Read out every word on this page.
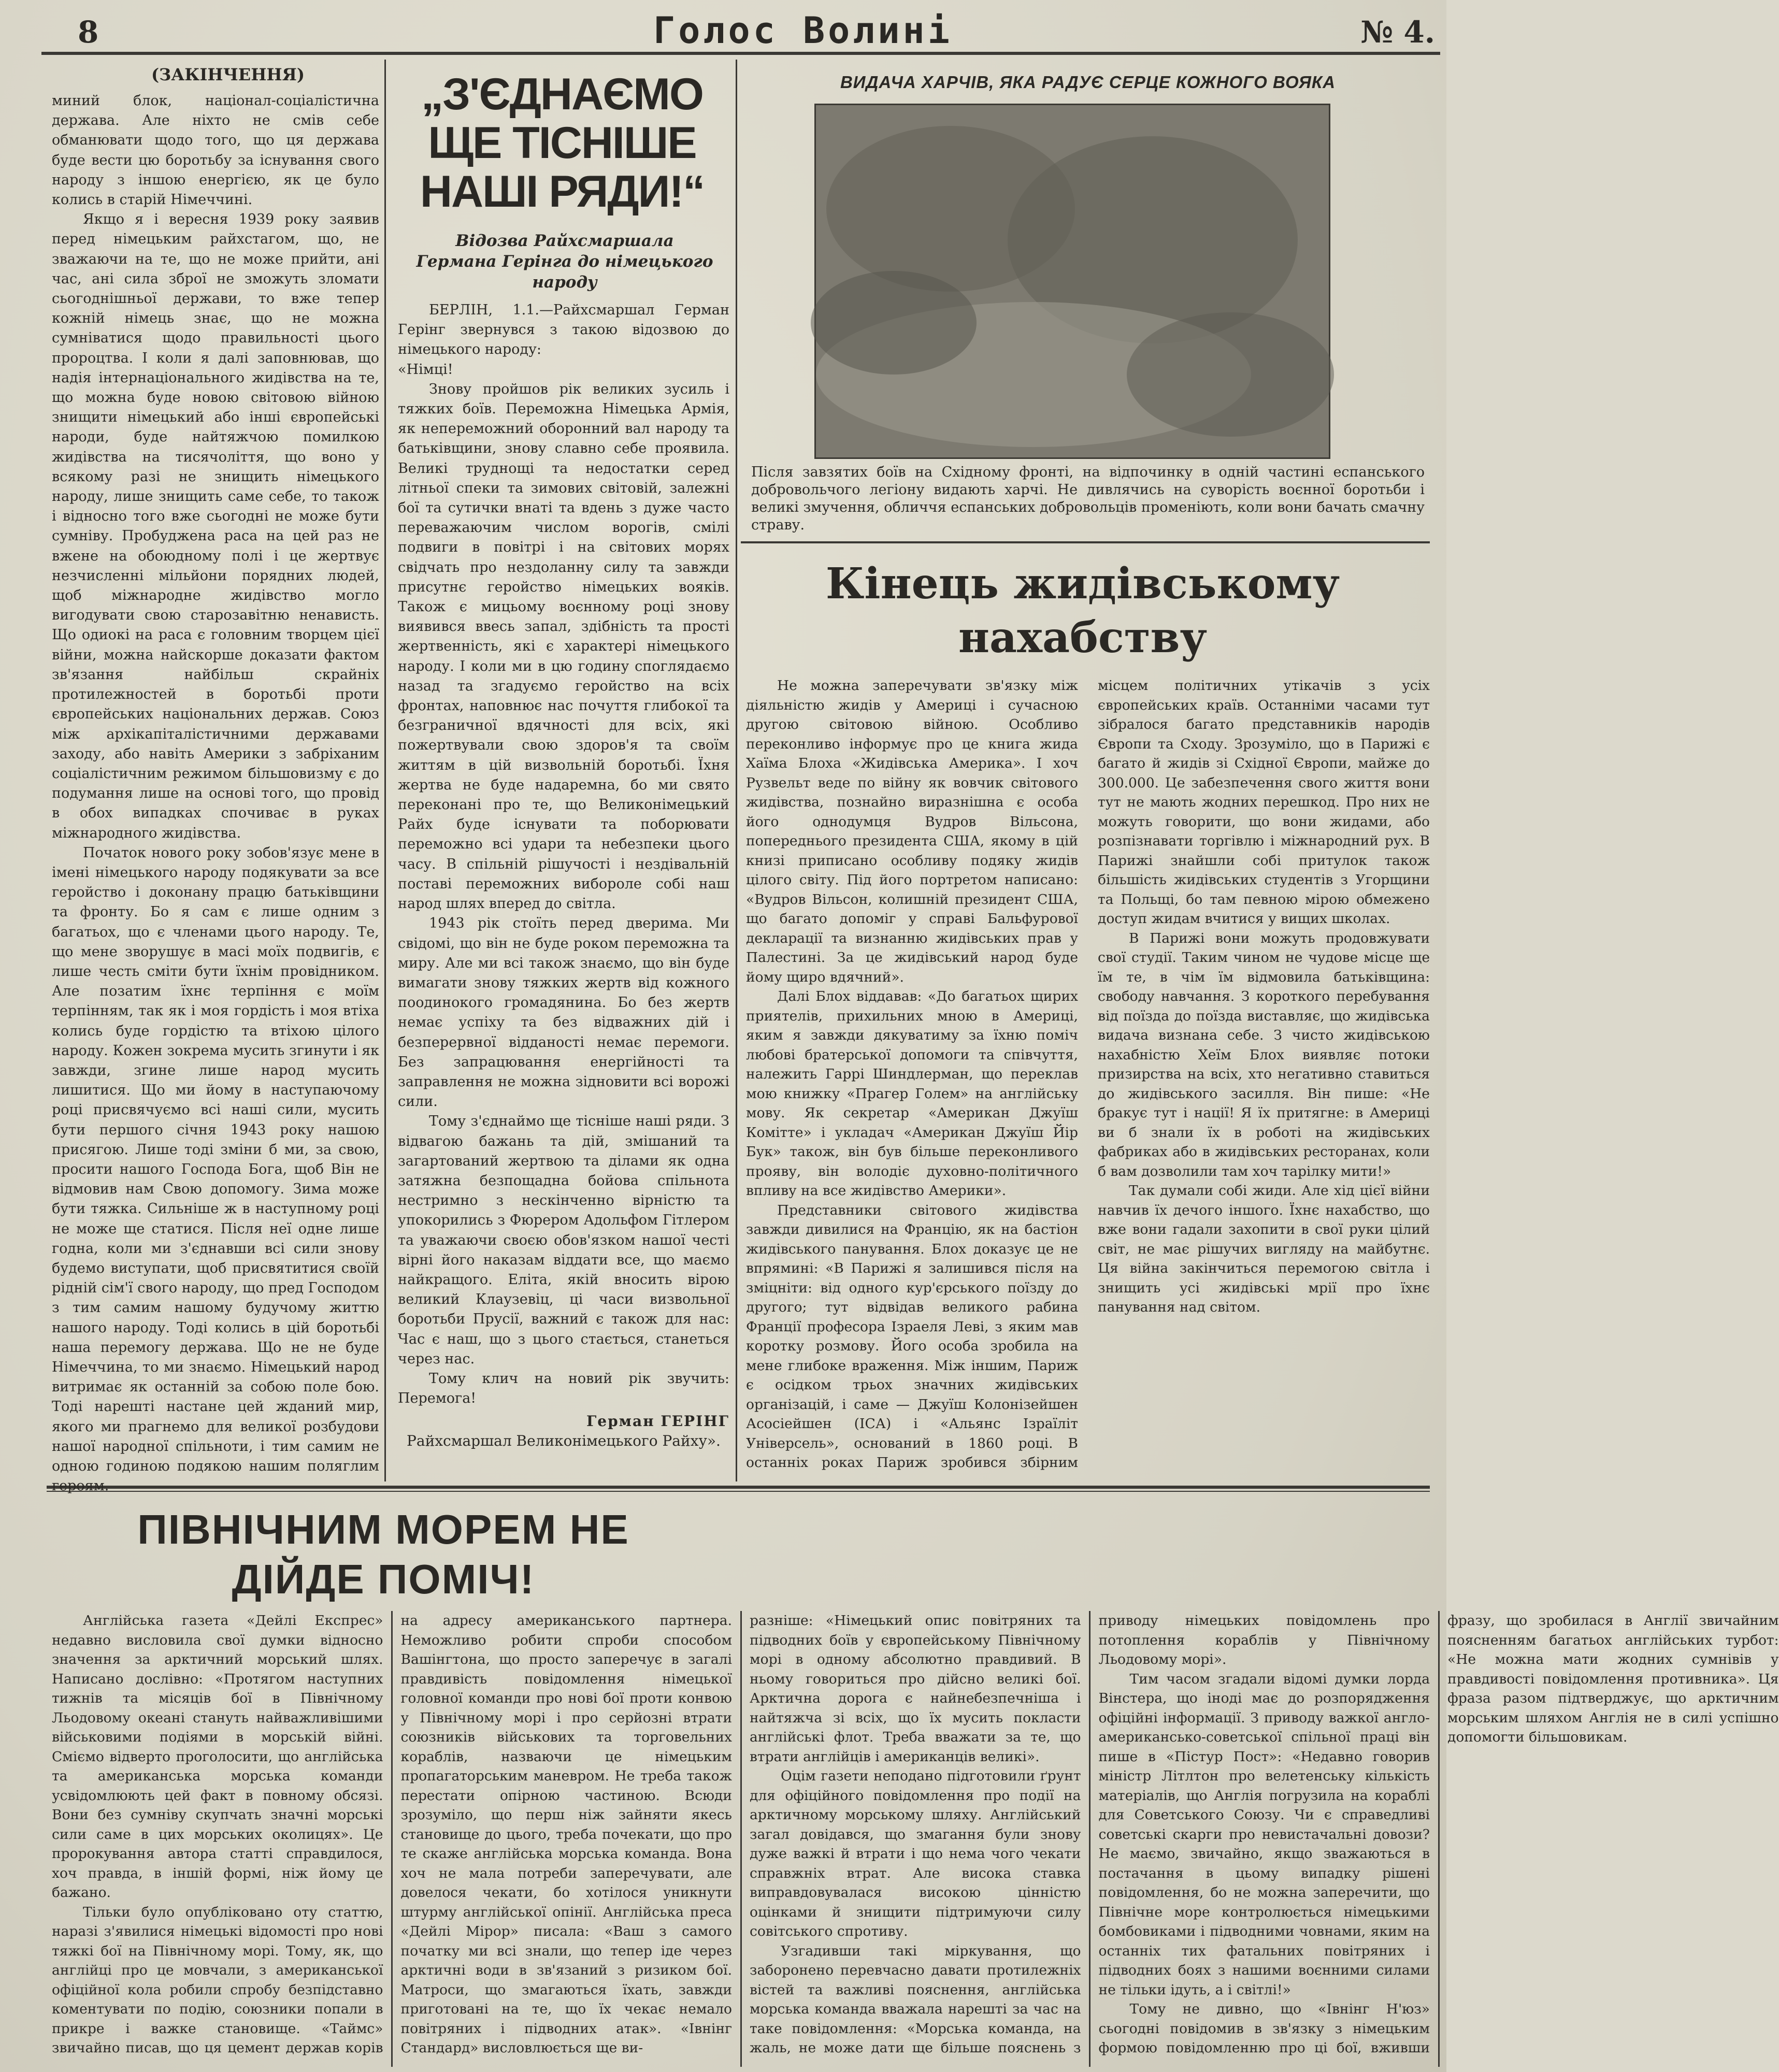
8	Голос Волині	№ 4.
(ЗАКІНЧЕННЯ)

миний блок, націонал-соціалістична держава. Але ніхто не смів себе обманювати щодо того, що ця держава буде вести цю боротьбу за існування свого народу з іншою енергією, як це було колись в старій Німеччині.

Якщо я і вересня 1939 року заявив перед німецьким райхстагом, що, не зважаючи на те, що не може прийти, ані час, ані сила зброї не зможуть зломати сьогоднішньої держави, то вже тепер кожній німець знає, що не можна сумніватися щодо правильності цього пророцтва. І коли я далі заповнював, що надія інтернаціонального жидівства на те, що можна буде новою світовою війною знищити німецький або інші європейські народи, буде найтяжчою помилкою жидівства на тисячоліття, що воно у всякому разі не знищить німецького народу, лише знищить саме себе, то також і відносно того вже сьогодні не може бути сумніву. Пробуджена раса на цей раз не вжене на обоюдному полі і це жертвує незчисленні мільйони порядних людей, щоб міжнародне жидівство могло вигодувати свою старозавітню ненависть. Що одиокі на раса є головним творцем цієї війни, можна найскорше доказати фактом зв'язання найбільш скрайніх протилежностей в боротьбі проти європейських національних держав. Союз між архікапіталістичними державами заходу, або навіть Америки з забріханим соціалістичним режимом більшовизму є до подумання лише на основі того, що провід в обох випадках спочиває в руках міжнародного жидівства.

Початок нового року зобов'язує мене в імені німецького народу подякувати за все геройство і доконану працю батьківщини та фронту. Бо я сам є лише одним з багатьох, що є членами цього народу. Те, що мене зворушує в масі моїх подвигів, є лише честь сміти бути їхнім провідником. Але позатим їхнє терпіння є моїм терпінням, так як і моя гордість і моя втіха колись буде гордістю та втіхою цілого народу. Кожен зокрема мусить згинути і як завжди, згине лише народ мусить лишитися. Що ми йому в наступаючому році присвячуємо всі наші сили, мусить бути першого січня 1943 року нашою присягою. Лише тоді зміни б ми, за свою, просити нашого Господа Бога, щоб Він не відмовив нам Свою допомогу. Зима може бути тяжка. Сильніше ж в наступному році не може ще статися. Після неї одне лише годна, коли ми з'єднавши всі сили знову будемо виступати, щоб присвятитися своїй рідній сім'ї свого народу, що пред Господом з тим самим нашому будучому життю нашого народу. Тоді колись в цій боротьбі наша перемогу держава. Що не не буде Німеччина, то ми знаємо. Німецький народ витримає як останній за собою поле бою. Тоді нарешті настане цей жданий мир, якого ми прагнемо для великої розбудови нашої народної спільноти, і тим самим не одною годиною подякою нашим поляглим героям.

„З'ЄДНАЄМО ЩЕ ТІСНІШЕ НАШІ РЯДИ!“
Відозва Райхсмаршала Германа Герінга до німецького народу

БЕРЛІН, 1.1.—Райхсмаршал Герман Герінг звернувся з такою відозвою до німецького народу:

«Німці!

Знову пройшов рік великих зусиль і тяжких боїв. Переможна Німецька Армія, як непереможний оборонний вал народу та батьківщини, знову славно себе проявила. Великі труднощі та недостатки серед літньої спеки та зимових світовій, залежні бої та сутички внаті та вдень з дуже часто переважаючим числом ворогів, смілі подвиги в повітрі і на світових морях свідчать про нездоланну силу та завжди присутнє геройство німецьких вояків. Також є мицьому воєнному році знову виявився ввесь запал, здібність та прості жертвенність, які є характері німецького народу. І коли ми в цю годину споглядаємо назад та згадуємо геройство на всіх фронтах, наповнює нас почуття глибокої та безграничної вдячності для всіх, які пожертвували свою здоров'я та своїм життям в цій визвольній боротьбі. Їхня жертва не буде надаремна, бо ми свято переконані про те, що Великонімецький Райх буде існувати та поборювати переможно всі удари та небезпеки цього часу. В спільній рішучості і нездівальній поставі переможних вибороле собі наш народ шлях вперед до світла.

1943 рік стоїть перед дверима. Ми свідомі, що він не буде роком переможна та миру. Але ми всі також знаємо, що він буде вимагати знову тяжких жертв від кожного поодинокого громадянина. Бо без жертв немає успіху та без відважних дій і безперервної відданості немає перемоги. Без запрацювання енергійності та заправлення не можна зідновити всі ворожі сили.

Тому з'єднаймо ще тісніше наші ряди. З відвагою бажань та дій, змішаний та загартований жертвою та ділами як одна затяжна безпощадна бойова спільнота нестримно з нескінченно вірністю та упокорились з Фюрером Адольфом Гітлером та уважаючи своєю обов'язком нашої честі вірні його наказам віддати все, що маємо найкращого. Еліта, якій вносить вірою великий Клаузевіц, ці часи визвольної боротьби Прусії, важний є також для нас: Час є наш, що з цього стається, станеться через нас.

Тому клич на новий рік звучить: Перемога!

Герман ГЕРІНГ
Райхсмаршал Великонімецького Райху».
ВИДАЧА ХАРЧІВ, ЯКА РАДУЄ СЕРЦЕ КОЖНОГО ВОЯКА
Після завзятих боїв на Східному фронті, на відпочинку в одній частині еспанського добровольчого легіону видають харчі. Не дивлячись на суворість воєнної боротьби і великі змучення, обличчя еспанських добровольців променіють, коли вони бачать смачну страву.
Кінець жидівському нахабству

Не можна заперечувати зв'язку між діяльністю жидів у Америці і сучасною другою світовою війною. Особливо переконливо інформує про це книга жида Хаїма Блоха «Жидівська Америка». І хоч Рузвельт веде по війну як вовчик світового жидівства, познайно виразнішна є особа його однодумця Вудров Вільсона, попереднього президента США, якому в цій книзі приписано особливу подяку жидів цілого світу. Під його портретом написано: «Вудров Вільсон, колишній президент США, що багато допоміг у справі Бальфурової декларації та визнанню жидівських прав у Палестині. За це жидівський народ буде йому щиро вдячний».

Далі Блох віддавав: «До багатьох щирих приятелів, прихильних мною в Америці, яким я завжди дякуватиму за їхню поміч любові братерської допомоги та співчуття, належить Гаррі Шиндлерман, що переклав мою книжку «Прагер Голем» на англійську мову. Як секретар «Американ Джуїш Комітте» і укладач «Американ Джуїш Йір Бук» також, він був більше переконливого прояву, він володіє духовно-політичного впливу на все жидівство Америки».

Представники світового жидівства завжди дивилися на Францію, як на бастіон жидівського панування. Блох доказує це не впрямині: «В Парижі я залишився після на зміцніти: від одного кур'єрського поїзду до другого; тут відвідав великого рабина Франції професора Ізраеля Леві, з яким мав коротку розмову. Його особа зробила на мене глибоке враження. Між іншим, Париж є осідком трьох значних жидівських організацій, і саме — Джуїш Колонізейшен Асосіейшен (ІСА) і «Альянс Ізраїліт Універсель», оснований в 1860 році. В останніх роках Париж зробився збірним місцем політичних утікачів з усіх європейських країв. Останніми часами тут зібралося багато представників народів Європи та Сходу. Зрозуміло, що в Парижі є багато й жидів зі Східної Європи, майже до 300.000. Це забезпечення свого життя вони тут не мають жодних перешкод. Про них не можуть говорити, що вони жидами, або розпізнавати торгівлю і міжнародний рух. В Парижі знайшли собі притулок також більшість жидівських студентів з Угорщини та Польщі, бо там певною мірою обмежено доступ жидам вчитися у вищих школах.

В Парижі вони можуть продовжувати свої студії. Таким чином не чудове місце ще їм те, в чім їм відмовила батьківщина: свободу навчання. З короткого перебування від поїзда до поїзда виставляє, що жидівська видача визнана себе. З чисто жидівською нахабністю Хеїм Блох виявляє потоки призирства на всіх, хто негативно ставиться до жидівського засилля. Він пише: «Не бракує тут і нації! Я їх притягне: в Америці ви б знали їх в роботі на жидівських фабриках або в жидівських ресторанах, коли б вам дозволили там хоч тарілку мити!»

Так думали собі жиди. Але хід цієї війни навчив їх дечого іншого. Їхнє нахабство, що вже вони гадали захопити в свої руки цілий світ, не має рішучих вигляду на майбутнє. Ця війна закінчиться перемогою світла і знищить усі жидівські мрії про їхнє панування над світом.

ПІВНІЧНИМ МОРЕМ НЕ ДІЙДЕ ПОМІЧ!

Англійська газета «Дейлі Експрес» недавно висловила свої думки відносно значення за арктичний морський шлях. Написано дослівно: «Протягом наступних тижнів та місяців бої в Північному Льодовому океані стануть найважливішими військовими подіями в морській війні. Сміємо відверто проголосити, що англійська та американська морська команди усвідомлюють цей факт в повному обсязі. Вони без сумніву скупчать значні морські сили саме в цих морських околицях». Це пророкування автора статті справдилося, хоч правда, в іншій формі, ніж йому це бажано.

Тільки було опубліковано оту статтю, наразі з'явилися німецькі відомості про нові тяжкі бої на Північному морі. Тому, як, що англійці про це мовчали, з американської офіційної кола робили спробу безпідставно коментувати по подію, союзники попали в прикре і важке становище. «Таймс» звичайно писав, що ця цемент держав корів на адресу американського партнера. Неможливо робити спроби способом Вашінгтона, що просто заперечує в загалі правдивість повідомлення німецької головної команди про нові бої проти конвою у Північному морі і про серйозні втрати союзників військових та торговельних кораблів, назваючи це німецьким пропагаторським маневром. Не треба також перестати опірною частиною. Всюди зрозуміло, що перш ніж зайняти якесь становище до цього, треба почекати, що про те скаже англійська морська команда. Вона хоч не мала потреби заперечувати, але довелося чекати, бо хотілося уникнути штурму англійської опінії. Англійська преса «Дейлі Мірор» писала: «Ваш з самого початку ми всі знали, що тепер іде через арктичні води в зв'язаний з ризиком бої. Матроси, що змагаються їхать, завжди приготовані на те, що їх чекає немало повітряних і підводних атак». «Івнінг Стандард» висловлюється ще ви-

разніше: «Німецький опис повітряних та підводних боїв у європейському Північному морі в одному абсолютно правдивий. В ньому говориться про дійсно великі бої. Арктична дорога є найнебезпечніша і найтяжча зі всіх, що їх мусить покласти англійські флот. Треба вважати за те, що втрати англійців і американців великі».

Оцім газети неподано підготовили ґрунт для офіційного повідомлення про події на арктичному морському шляху. Англійський загал довідався, що змагання були знову дуже важкі й втрати і що нема чого чекати справжніх втрат. Але висока ставка виправдовувалася високою цінністю оцінками й знищити підтримуючи силу совітського спротиву.

Узгадивши такі міркування, що заборонено перевчасно давати протилежніх вістей та важливі пояснення, англійська морська команда вважала нарешті за час на таке повідомлення: «Морська команда, на жаль, не може дати ще більше пояснень з приводу німецьких повідомлень про потоплення кораблів у Північному Льодовому морі».

Тим часом згадали відомі думки лорда Вінстера, що іноді має до розпорядження офіційні інформації. З приводу важкої англо-американсько-советської спільної праці він пише в «Пістур Пост»: «Недавно говорив міністр Літлтон про велетенську кількість матеріалів, що Англія погрузила на кораблі для Советського Союзу. Чи є справедливі советські скарги про невистачальні довози? Не маємо, звичайно, якщо зважаються в постачання в цьому випадку рішені повідомлення, бо не можна заперечити, що Північне море контролюється німецькими бомбовиками і підводними човнами, яким на останніх тих фатальних повітряних і підводних боях з нашими воєнними силами не тільки ідуть, а і світлі!»

Тому не дивно, що «Івнінг Н'юз» сьогодні повідомив в зв'язку з німецьким формою повідомленню про ці бої, вживши фразу, що зробилася в Англії звичайним поясненням багатьох англійських турбот: «Не можна мати жодних сумнівів у правдивості повідомлення противника». Ця фраза разом підтверджує, що арктичним морським шляхом Англія не в силі успішно допомогти більшовикам.
